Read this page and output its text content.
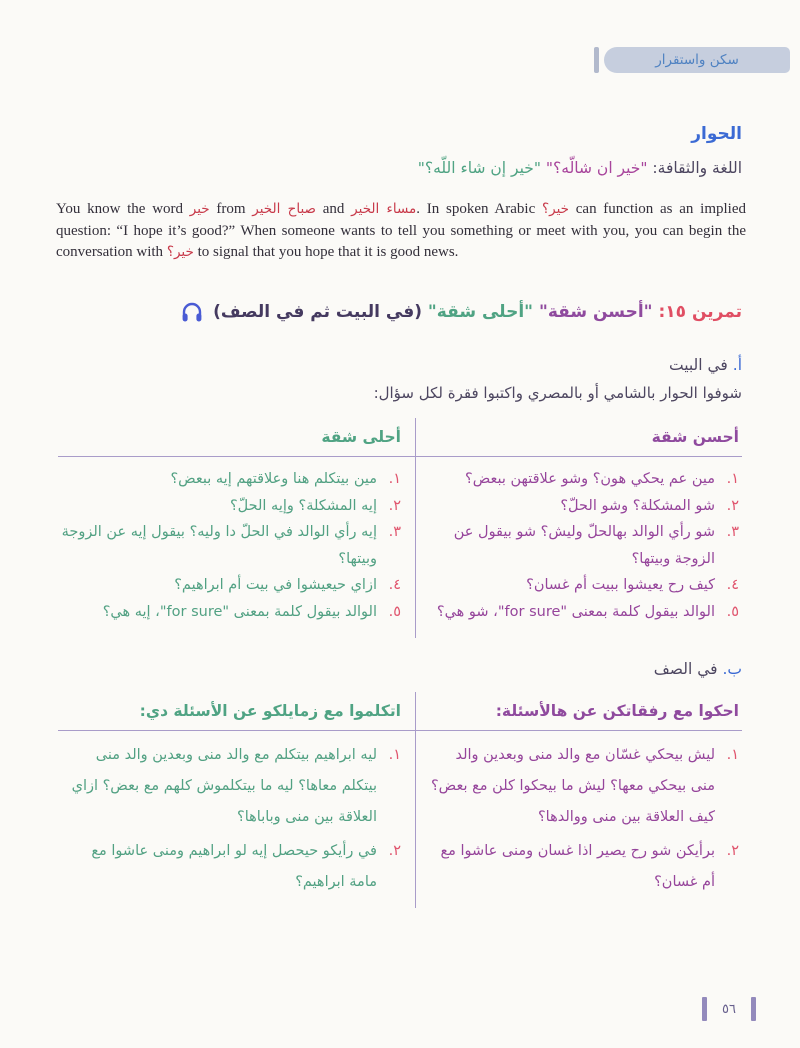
سكن واستقرار
الحوار
اللغة والثقافة: "خير ان شالّه؟" "خير إن شاء اللّه؟"
You know the word خير from صباح الخير and مساء الخير. In spoken Arabic خير؟ can function as an implied question: “I hope it’s good?” When someone wants to tell you something or meet with you, you can begin the conversation with خير؟ to signal that you hope that it is good news.
تمرين ١٥: "أحسن شقة" "أحلى شقة" (في البيت ثم في الصف)
أ. في البيت
شوفوا الحوار بالشامي أو بالمصري واكتبوا فقرة لكل سؤال:
أحسن شقة
١.
مين عم يحكي هون؟ وشو علاقتهن ببعض؟
٢.
شو المشكلة؟ وشو الحلّ؟
٣.
شو رأي الوالد بهالحلّ وليش؟ شو بيقول عن الزوجة وبيتها؟
٤.
كيف رح يعيشوا ببيت أم غسان؟
٥.
الوالد بيقول كلمة بمعنى "for sure"، شو هي؟
أحلى شقة
١.
مين بيتكلم هنا وعلاقتهم إيه ببعض؟
٢.
إيه المشكلة؟ وإيه الحلّ؟
٣.
إيه رأي الوالد في الحلّ دا وليه؟ بيقول إيه عن الزوجة وبيتها؟
٤.
ازاي حيعيشوا في بيت أم ابراهيم؟
٥.
الوالد بيقول كلمة بمعنى "for sure"، إيه هي؟
ب. في الصف
احكوا مع رفقاتكن عن هالأسئلة:
١.
ليش بيحكي غسّان مع والد منى وبعدين والد منى بيحكي معها؟ ليش ما بيحكوا كلن مع بعض؟ كيف العلاقة بين منى ووالدها؟
٢.
برأيكن شو رح يصير اذا غسان ومنى عاشوا مع أم غسان؟
اتكلموا مع زمايلكو عن الأسئلة دي:
١.
ليه ابراهيم بيتكلم مع والد منى وبعدين والد منى بيتكلم معاها؟ ليه ما بيتكلموش كلهم مع بعض؟ ازاي العلاقة بين منى وباباها؟
٢.
في رأيكو حيحصل إيه لو ابراهيم ومنى عاشوا مع مامة ابراهيم؟
٥٦
